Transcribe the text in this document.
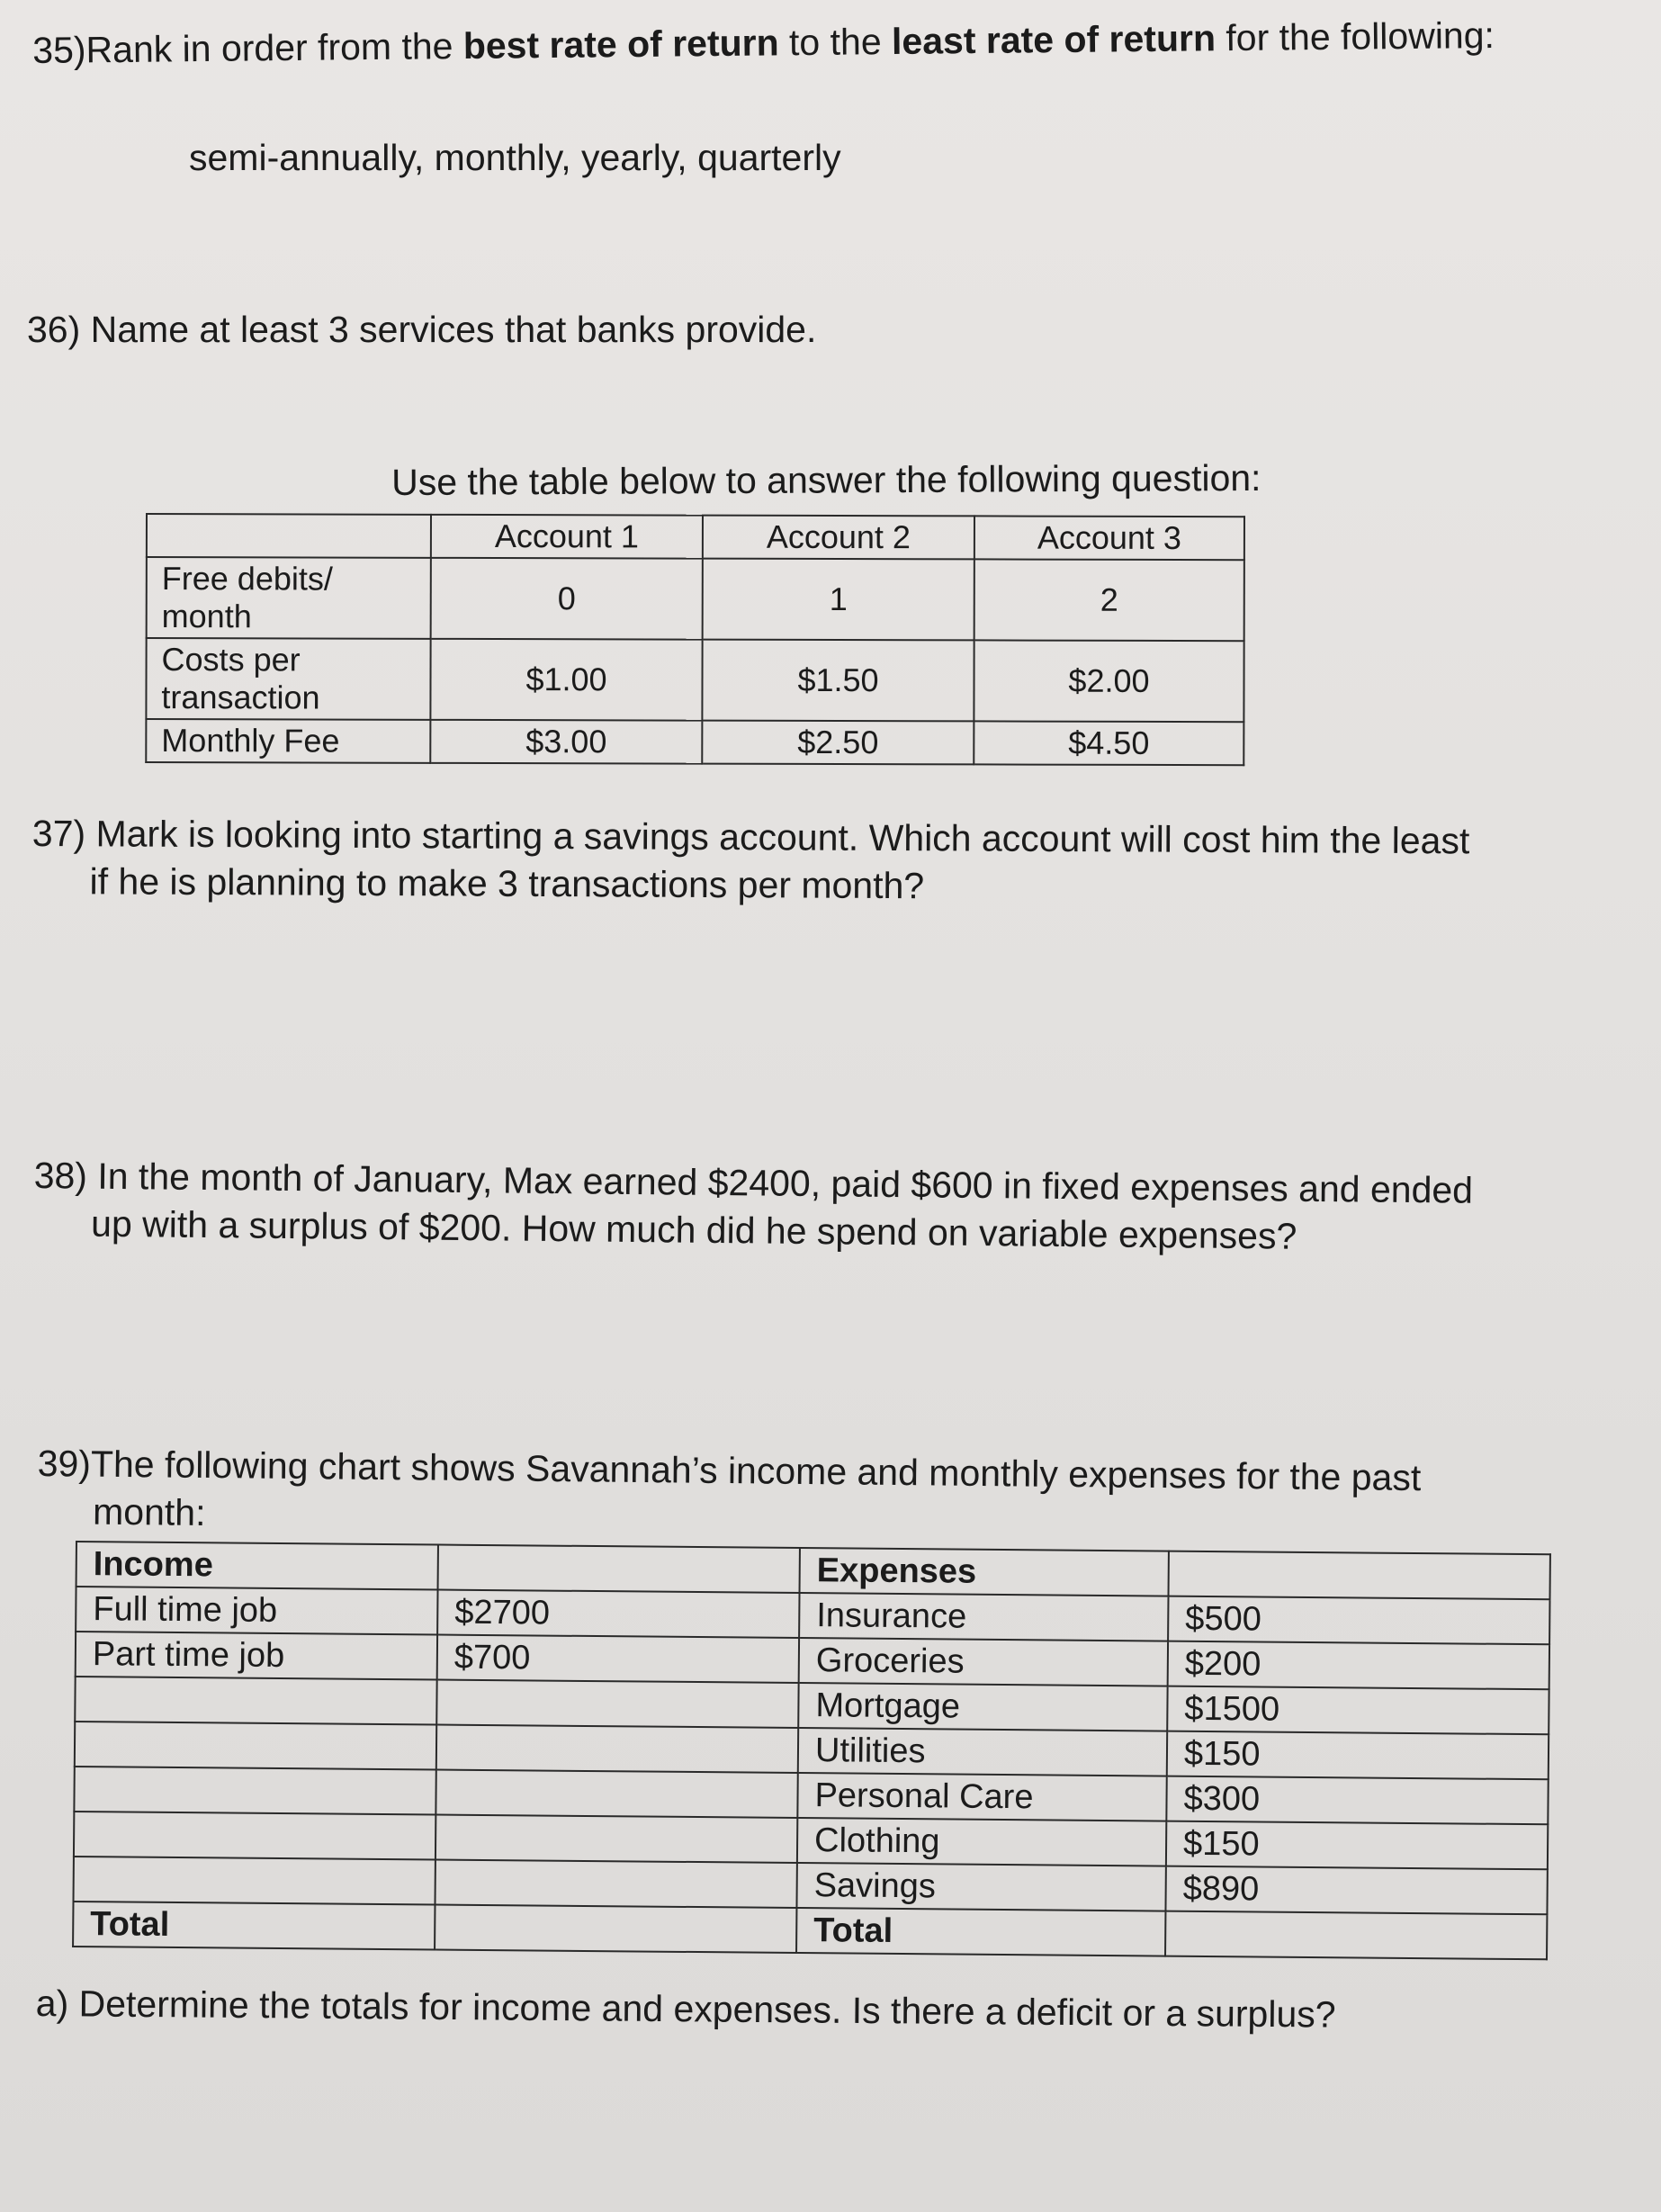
35)Rank in order from the best rate of return to the least rate of return for the following:
semi-annually, monthly, yearly, quarterly
36) Name at least 3 services that banks provide.
Use the table below to answer the following question:
	Account 1	Account 2	Account 3
Free debits/
month	0	1	2
Costs per
transaction	$1.00	$1.50	$2.00
Monthly Fee	$3.00	$2.50	$4.50
37) Mark is looking into starting a savings account. Which account will cost him the least
if he is planning to make 3 transactions per month?
38) In the month of January, Max earned $2400, paid $600 in fixed expenses and ended
up with a surplus of $200. How much did he spend on variable expenses?
39)The following chart shows Savannah’s income and monthly expenses for the past
month:
Income		Expenses	
Full time job	$2700	Insurance	$500
Part time job	$700	Groceries	$200
		Mortgage	$1500
		Utilities	$150
		Personal Care	$300
		Clothing	$150
		Savings	$890
Total		Total	
a) Determine the totals for income and expenses. Is there a deficit or a surplus?
